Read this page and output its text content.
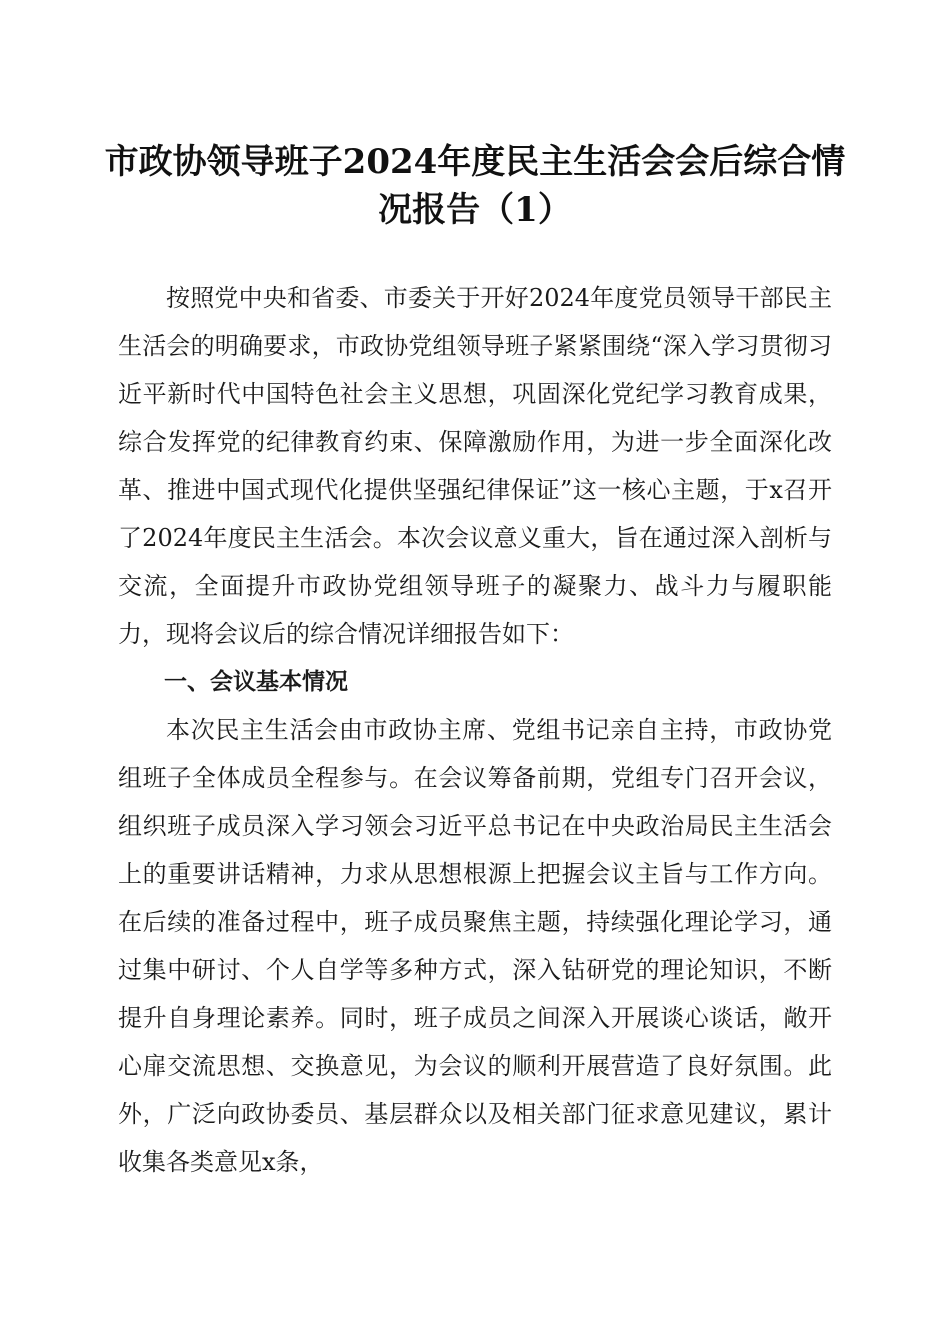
市政协领导班子2024年度民主生活会会后综合情况报告（1）

按照党中央和省委、市委关于开好2024年度党员领导干部民主生活会的明确要求，市政协党组领导班子紧紧围绕“深入学习贯彻习近平新时代中国特色社会主义思想，巩固深化党纪学习教育成果，综合发挥党的纪律教育约束、保障激励作用，为进一步全面深化改革、推进中国式现代化提供坚强纪律保证”这一核心主题，于x召开了2024年度民主生活会。本次会议意义重大，旨在通过深入剖析与交流，全面提升市政协党组领导班子的凝聚力、战斗力与履职能力，现将会议后的综合情况详细报告如下：

一、会议基本情况

本次民主生活会由市政协主席、党组书记亲自主持，市政协党组班子全体成员全程参与。在会议筹备前期，党组专门召开会议，组织班子成员深入学习领会习近平总书记在中央政治局民主生活会上的重要讲话精神，力求从思想根源上把握会议主旨与工作方向。在后续的准备过程中，班子成员聚焦主题，持续强化理论学习，通过集中研讨、个人自学等多种方式，深入钻研党的理论知识，不断提升自身理论素养。同时，班子成员之间深入开展谈心谈话，敞开心扉交流思想、交换意见，为会议的顺利开展营造了良好氛围。此外，广泛向政协委员、基层群众以及相关部门征求意见建议，累计收集各类意见x条，
